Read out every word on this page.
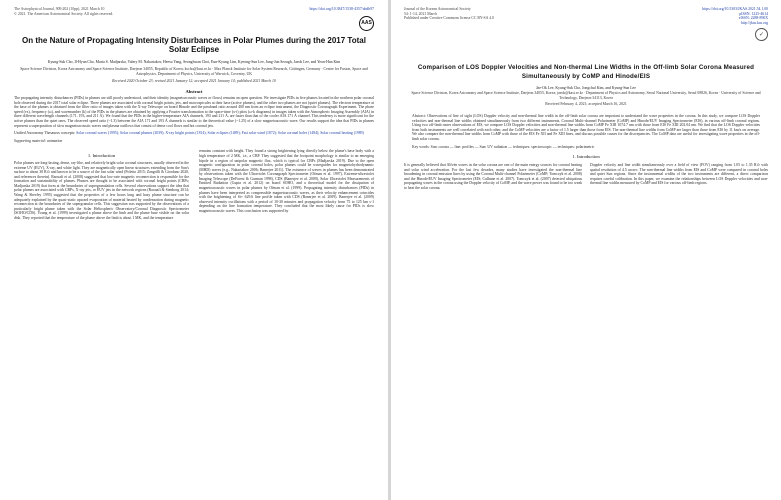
The Astrophysical Journal, 909:202 (10pp), 2021 March 10
© 2021. The American Astronomical Society. All rights reserved.
https://doi.org/10.3847/1538-4357/abdb97
AAS
On the Nature of Propagating Intensity Disturbances in Polar Plumes during the 2017 Total Solar Eclipse
Kyung-Suk Cho, Il-Hyun Cho, Maria S. Madjarska, Valery M. Nakariakov, Heesu Yang, Seonghwan Choi, Eun-Kyung Lim, Kyeong-Sun Lee, Jung-Jun Seough, Jaeok Lee, and Yeon-Han Kim
Space Science Division, Korea Astronomy and Space Science Institute, Daejeon 34055, Republic of Korea; kscho@kasi.re.kr · Max Planck Institute for Solar System Research, Göttingen, Germany · Centre for Fusion, Space and Astrophysics, Department of Physics, University of Warwick, Coventry, UK
Received 2020 October 23; revised 2021 January 12; accepted 2021 January 14; published 2021 March 10
Abstract
The propagating intensity disturbances (PIDs) in plumes are still poorly understood, and their identity (magnetoacoustic waves or flows) remains an open question. We investigate PIDs in five plumes located in the northern polar coronal hole observed during the 2017 total solar eclipse. Three plumes are associated with coronal bright points, jets, and macrospicules at their base (active plumes), and the other two plumes are not (quiet plumes). The electron temperature at the base of the plumes is obtained from the filter ratio of images taken with the X-ray Telescope on board Hinode and the passband ratio around 400 nm from an eclipse instrument, the Diagnostic Coronagraph Experiment. The phase speed (vs), frequency (ω), and wavenumber (k) of the PIDs in the plumes are obtained by applying a Fourier transformation to the space-time (x-t) plots (ω-k diagrams) in images taken with the Atmospheric Imaging Assembly (AIA) in three different wavelength channels (171, 193, and 211 Å). We found that the PIDs in the higher-temperature AIA channels, 193 and 211 Å, are faster than that of the cooler AIA 171 Å channel. This tendency is more significant for the active plumes than the quiet ones. The observed speed ratio (~1.3) between the AIA 171 and 193 Å channels is similar to the theoretical value (~1.25) of a slow magnetoacoustic wave. Our results support the idea that PIDs in plumes represent a superposition of slow magnetoacoustic waves and plasma outflows that consist of dense cool flows and hot coronal jets.
Unified Astronomy Thesaurus concepts: Solar coronal waves (1995); Solar coronal plumes (2039); X-ray bright points (1814); Solar eclipses (1489); Fast solar wind (1872); Solar coronal holes (1484); Solar coronal heating (1989)
Supporting material: animation
1. Introduction

Polar plumes are long-lasting, dense, ray-like, and relatively bright solar coronal structures, usually observed in the extreme UV (EUV), X-ray, and white light. They are magnetically open linear structures extending from the Sun's surface to about 30 R⊙ and known to be a source of the fast solar wind (Poletto 2015; Zangrilli & Giordano 2020, and references therein). Raouafi et al. (2008) suggested that low-rate magnetic reconnection is responsible for the formation and sustainability of plumes. Plumes are thought to be associated with coronal bright points (CBPs; Madjarska 2019) that form at the boundaries of supergranulation cells. Several observations support the idea that polar plumes are associated with CBPs, X-ray jets, or EUV jets in the network regions (Raouafi & Stenborg 2014; Wang & Sheeley 1995) suggested that the properties of a few hours long and hazy plume structure can be adequately explained by the quasi-static upward evaporation of material heated by condensation during magnetic reconnection at the boundaries of the supergranular cells. This suggestion was supported by the observations of a particularly bright plume taken with the Solar Heliospheric Observatory/Coronal Diagnostic Spectrometer (SOHO/CDS). Young et al. (1999) investigated a plume above the limb and the plume base visible on the solar disk. They reported that the temperature of the plume above the limb is about 1 MK, and the temperature

remains constant with height. They found a strong brightening lying directly below the plume's base body with a high temperature of 2 MK, i.e., a CBP. They suggested that the footpoint morphology is similar to an emerging bipole in a region of unipolar magnetic flux, which is typical for CBPs (Madjarska 2019). Due to the open magnetic configuration in polar coronal holes, polar plumes could be waveguides for magnetohydrodynamic (MHD) waves (e.g., Nakariakov 2006; Banerjee 2011). The existence of waves in plumes has been demonstrated by observations taken with the Ultraviolet Coronagraph Spectrometer (Ofman et al. 1997), Extreme-ultraviolet Imaging Telescope (DeForest & Gurman 1998), CDS (Banerjee et al. 2009), Solar Ultraviolet Measurements of Emitted Radiation (Gupta et al. 2012) on board SOHO, and a theoretical model for the dissipation of magnetoacoustic waves in polar plumes by Ofman et al. (1999). Propagating intensity disturbances (PIDs) in plumes have been interpreted as compressible magnetoacoustic waves, as their velocity enhancement coincides with the brightening of Si+ 629.6 line profile taken with CDS (Banerjee et al. 2009). Banerjee et al. (2009) observed intensity oscillations with a period of 10-30 minutes and propagation velocity from 75 to 125 km s-1 depending on the line formation temperature. They concluded that the most likely cause for PIDs is slow magnetoacoustic waves. This conclusion was supported by

Journal of the Korean Astronomical Society
54: 1-14, 2021 March
Published under Creative Commons license CC BY-SA 4.0
https://doi.org/10.5303/JKAS.2021.54.1.00
pISSN: 1225-4614
eISSN: 2288-890X
http://jkas.kas.org
✓
Comparison of LOS Doppler Velocities and Non-thermal Line Widths in the Off-limb Solar Corona Measured Simultaneously by CoMP and Hinode/EIS
Jae-Ok Lee, Kyung-Suk Cho, Jongchul Kim, and Kyung-Sun Lee
Space Science Division, Korea Astronomy and Space Science Institute, Daejeon 34055, Korea; jaeok@kasi.re.kr · Department of Physics and Astronomy, Seoul National University, Seoul 08826, Korea · University of Science and Technology, Daejeon 34113, Korea
Received February 4, 2021; accepted March 16, 2021
Abstract: Observations of line of sight (LOS) Doppler velocity and non-thermal line width in the off-limb solar corona are important to understand the wave properties in the corona. In this study, we compare LOS Doppler velocities and non-thermal line widths obtained simultaneously from two different instruments, Coronal Multi-channel Polarimeter (CoMP) and Hinode/EUV Imaging Spectrometer (EIS), in various off-limb coronal regions. Using two off-limb raster observations of EIS, we compare LOS Doppler velocities and non-thermal line widths from CoMP Fe XIII 1074.7 nm with those from EIS Fe XIII 202.04 nm. We find that the LOS Doppler velocities from both instruments are well correlated with each other, and the CoMP velocities are a factor of 1.5 larger than those from EIS. The non-thermal line widths from CoMP are larger than those from EIS by 11 km/s on average. We also compare the non-thermal line widths from CoMP with those of the EIS Fe XII and Fe XIII lines, and discuss possible causes for the discrepancies. The CoMP data are useful for investigating wave properties in the off-limb solar corona.
Key words: Sun: corona — line: profiles — Sun: UV radiation — techniques: spectroscopic — techniques: polarimetric
1. Introduction

It is generally believed that Alfvén waves in the solar corona are one of the main energy sources for coronal heating and solar wind acceleration. For the last few decades, many studies have investigated the non-thermal line broadening in coronal emission lines by using the Coronal Multi-channel Polarimeter (CoMP; Tomczyk et al. 2008) and the Hinode/EUV Imaging Spectrometer (EIS; Culhane et al. 2007). Tomczyk et al. (2007) detected ubiquitous propagating waves in the corona using the Doppler velocity of CoMP, and the wave power was found to be too weak to heat the solar corona.

Doppler velocity and line width simultaneously over a field of view (FOV) ranging from 1.05 to 1.35 R⊙ with spatial resolution of 4.5 arcsec. The non-thermal line widths from EIS and CoMP were compared in coronal holes and quiet Sun regions. Since the instrumental widths of the two instruments are different, a direct comparison requires careful calibration. In this paper, we examine the relationships between LOS Doppler velocities and non-thermal line widths measured by CoMP and EIS for various off-limb regions.
